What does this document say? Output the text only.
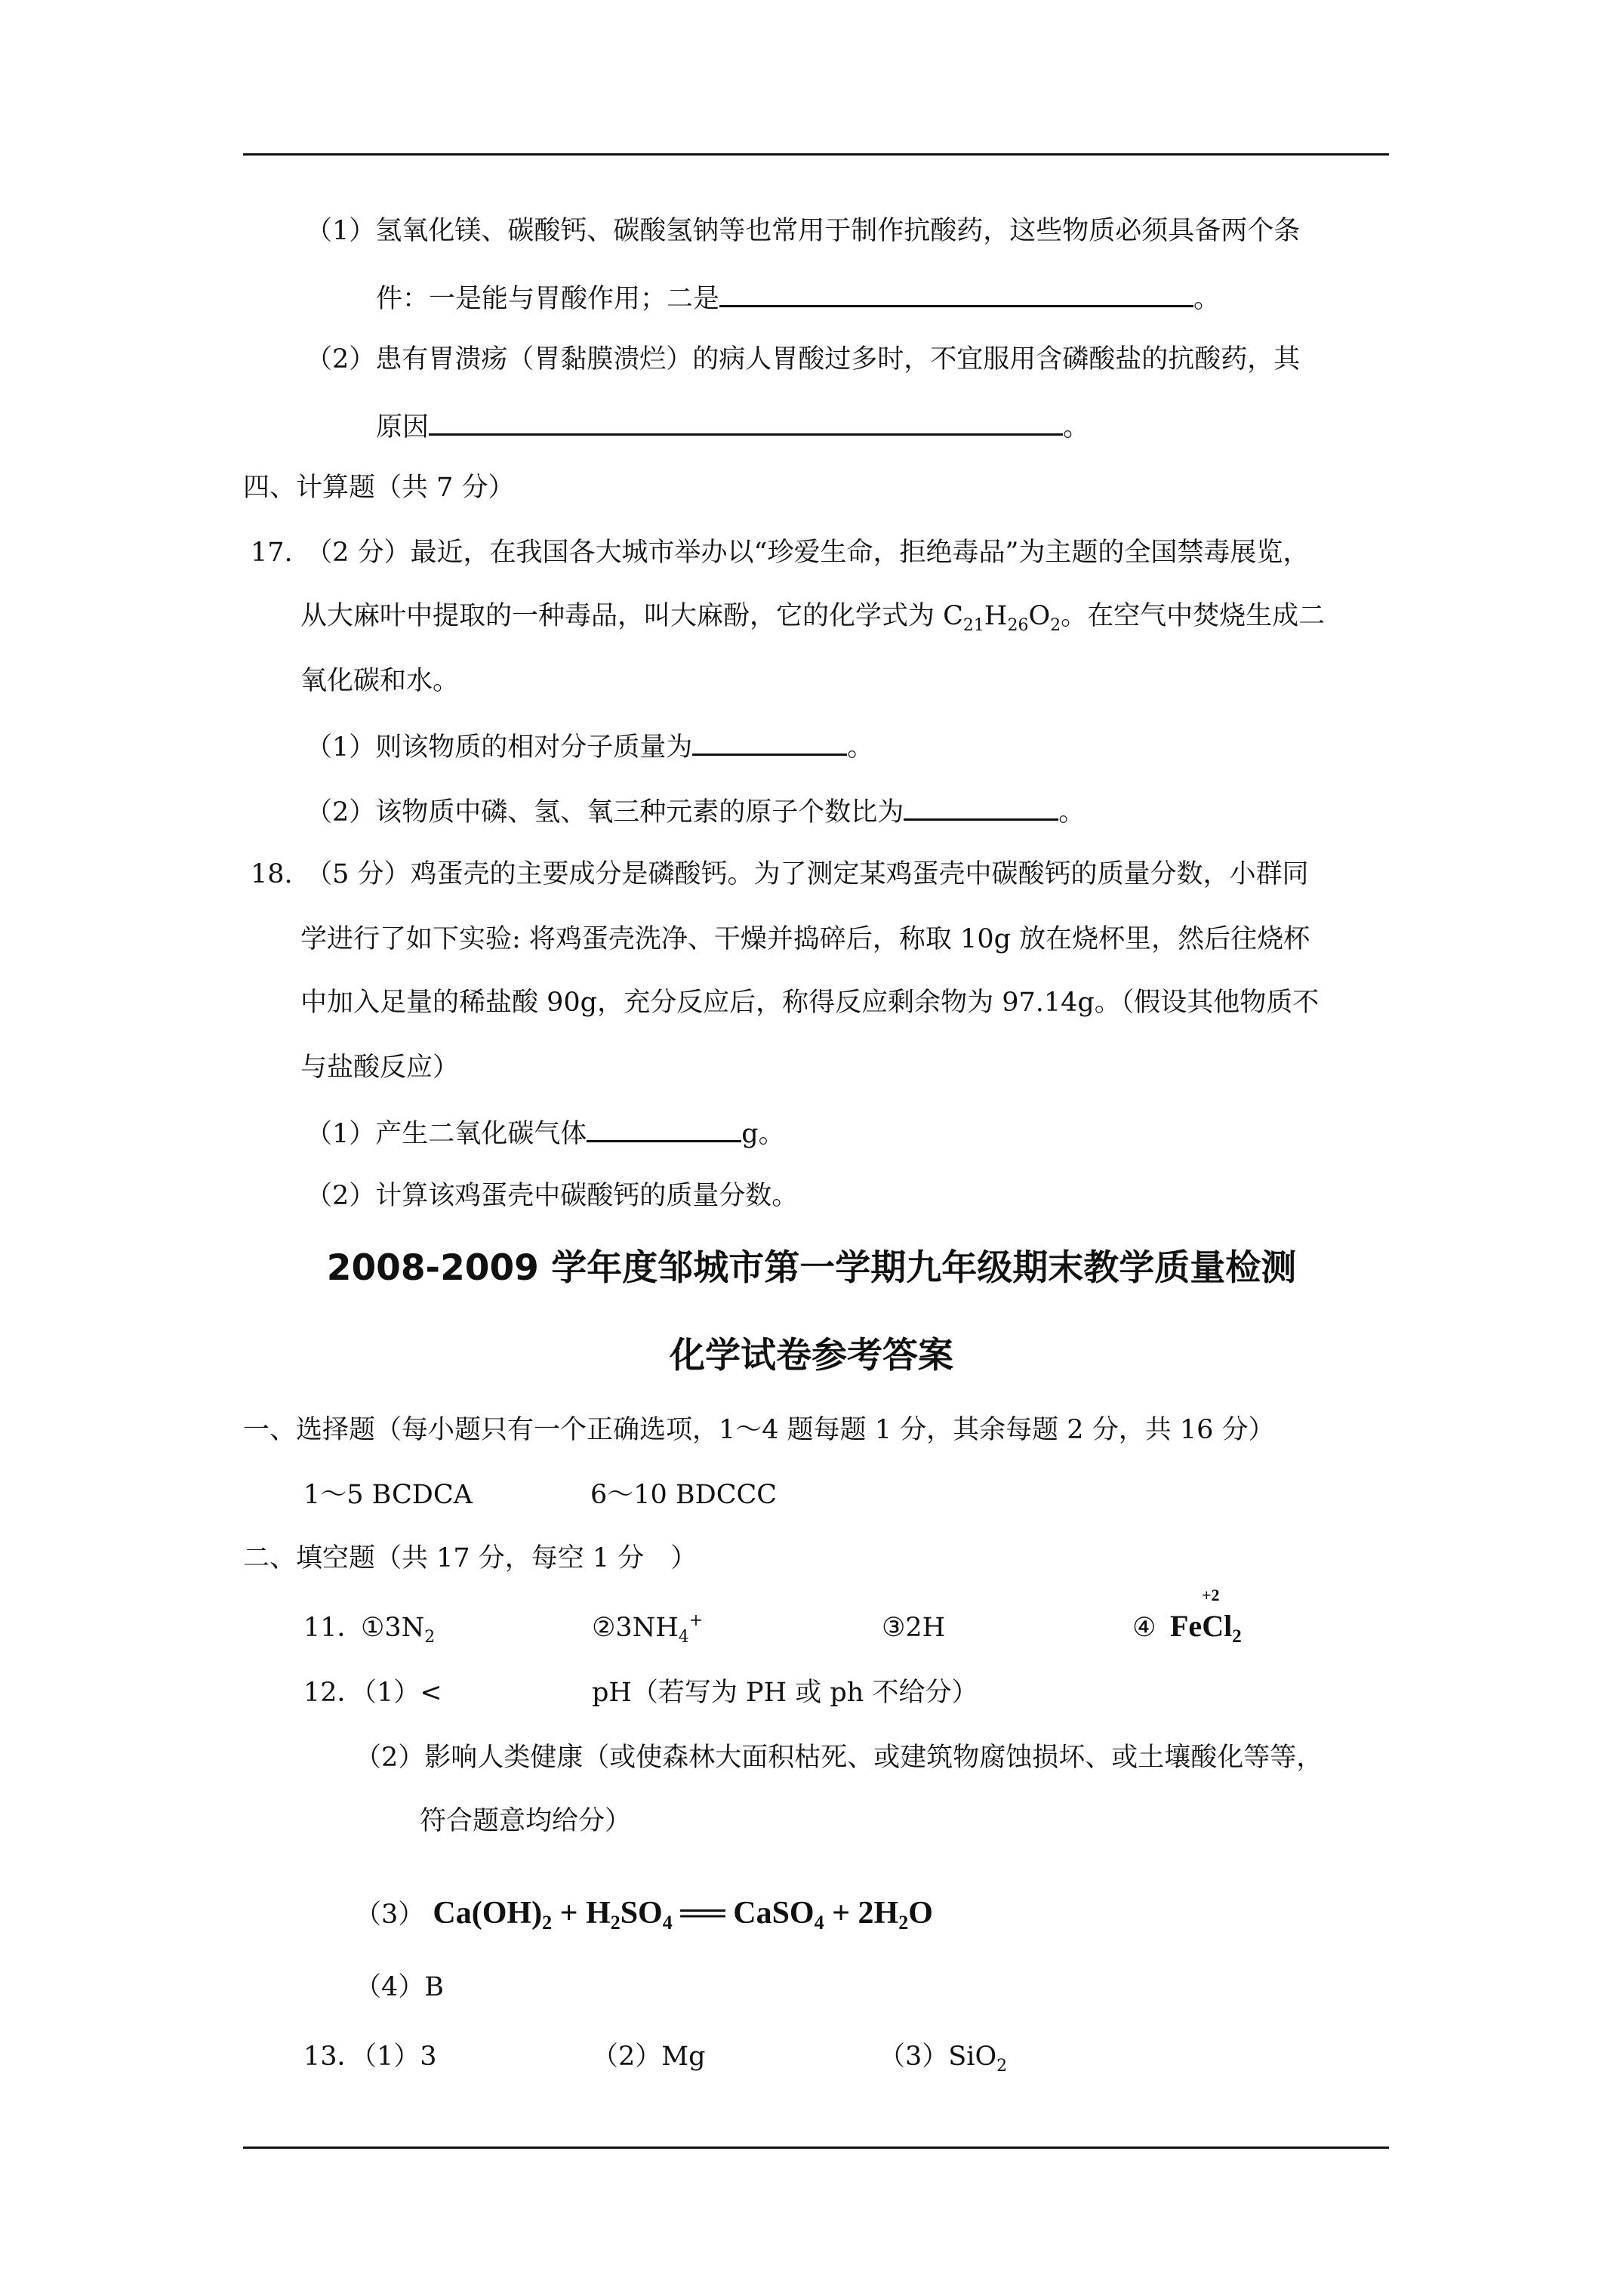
（1）氢氧化镁、碳酸钙、碳酸氢钠等也常用于制作抗酸药，这些物质必须具备两个条
件：一是能与胃酸作用；二是	。
（2）患有胃溃疡（胃黏膜溃烂）的病人胃酸过多时，不宜服用含磷酸盐的抗酸药，其
原因	。
四、计算题（共 7 分）
17.　（2 分）最近，在我国各大城市举办以“珍爱生命，拒绝毒品”为主题的全国禁毒展览，
从大麻叶中提取的一种毒品，叫大麻酚，它的化学式为 $C_{21}H_{26}O_2$。在空气中焚烧生成二
氧化碳和水。
（1）则该物质的相对分子质量为	。
（2）该物质中磷、氢、氧三种元素的原子个数比为	。
18.　（5 分）鸡蛋壳的主要成分是磷酸钙。为了测定某鸡蛋壳中碳酸钙的质量分数，小群同
学进行了如下实验: 将鸡蛋壳洗净、干燥并捣碎后，称取 10g 放在烧杯里，然后往烧杯
中加入足量的稀盐酸 90g，充分反应后，称得反应剩余物为 97.14g。（假设其他物质不
与盐酸反应）
（1）产生二氧化碳气体	g。
（2）计算该鸡蛋壳中碳酸钙的质量分数。
2008-2009 学年度邹城市第一学期九年级期末教学质量检测
化学试卷参考答案
一、选择题（每小题只有一个正确选项，1～4 题每题 1 分，其余每题 2 分，共 16 分）
1～5 BCDCA	6～10 BDCCC
二、填空题（共 17 分，每空 1 分　）
11．
$①3N_2$	$②3NH_4^+$	③2H	④
+2
FeCl$_2$
12．（1）<	pH（若写为 PH 或 ph 不给分）
（2）影响人类健康（或使森林大面积枯死、或建筑物腐蚀损坏、或土壤酸化等等，
符合题意均给分）
（3） $Ca(OH)_2 + H_2SO_4$ ══ CaSO$_4$ + $2H_2O$
（4）B
13．（1）3	（2）Mg	（3）SiO$_2$
